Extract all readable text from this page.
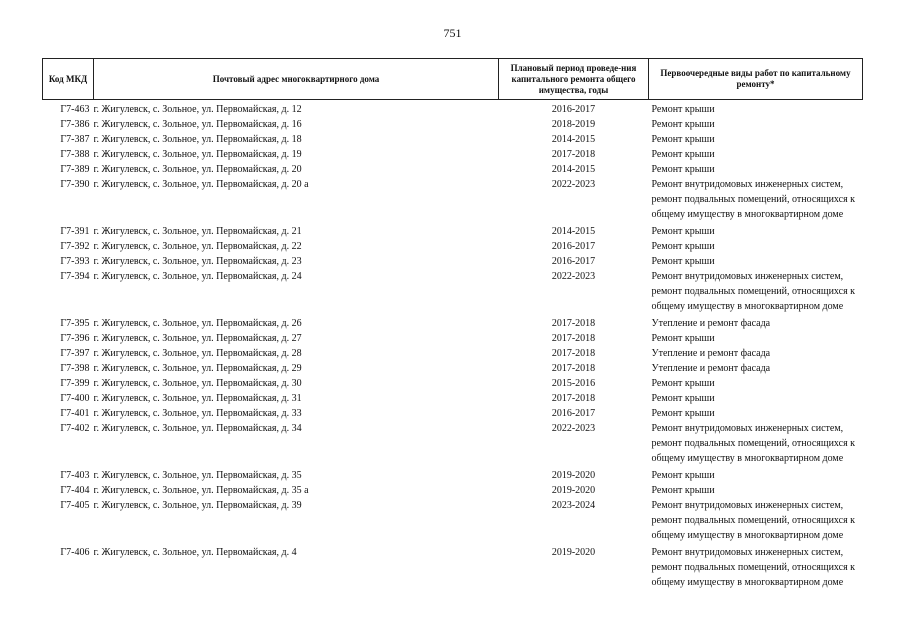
751
Код МКД	Почтовый адрес многоквартирного дома	Плановый период проведе-ния капитального ремонта общего имущества, годы	Первоочередные виды работ по капитальному ремонту*
Г7-463	г. Жигулевск, с. Зольное, ул. Первомайская, д. 12	2016-2017	Ремонт крыши
Г7-386	г. Жигулевск, с. Зольное, ул. Первомайская, д. 16	2018-2019	Ремонт крыши
Г7-387	г. Жигулевск, с. Зольное, ул. Первомайская, д. 18	2014-2015	Ремонт крыши
Г7-388	г. Жигулевск, с. Зольное, ул. Первомайская, д. 19	2017-2018	Ремонт крыши
Г7-389	г. Жигулевск, с. Зольное, ул. Первомайская, д. 20	2014-2015	Ремонт крыши
Г7-390	г. Жигулевск, с. Зольное, ул. Первомайская, д. 20 а	2022-2023	Ремонт внутридомовых инженерных систем, ремонт подвальных помещений, относящихся к общему имуществу в многоквартирном доме
Г7-391	г. Жигулевск, с. Зольное, ул. Первомайская, д. 21	2014-2015	Ремонт крыши
Г7-392	г. Жигулевск, с. Зольное, ул. Первомайская, д. 22	2016-2017	Ремонт крыши
Г7-393	г. Жигулевск, с. Зольное, ул. Первомайская, д. 23	2016-2017	Ремонт крыши
Г7-394	г. Жигулевск, с. Зольное, ул. Первомайская, д. 24	2022-2023	Ремонт внутридомовых инженерных систем, ремонт подвальных помещений, относящихся к общему имуществу в многоквартирном доме
Г7-395	г. Жигулевск, с. Зольное, ул. Первомайская, д. 26	2017-2018	Утепление и ремонт фасада
Г7-396	г. Жигулевск, с. Зольное, ул. Первомайская, д. 27	2017-2018	Ремонт крыши
Г7-397	г. Жигулевск, с. Зольное, ул. Первомайская, д. 28	2017-2018	Утепление и ремонт фасада
Г7-398	г. Жигулевск, с. Зольное, ул. Первомайская, д. 29	2017-2018	Утепление и ремонт фасада
Г7-399	г. Жигулевск, с. Зольное, ул. Первомайская, д. 30	2015-2016	Ремонт крыши
Г7-400	г. Жигулевск, с. Зольное, ул. Первомайская, д. 31	2017-2018	Ремонт крыши
Г7-401	г. Жигулевск, с. Зольное, ул. Первомайская, д. 33	2016-2017	Ремонт крыши
Г7-402	г. Жигулевск, с. Зольное, ул. Первомайская, д. 34	2022-2023	Ремонт внутридомовых инженерных систем, ремонт подвальных помещений, относящихся к общему имуществу в многоквартирном доме
Г7-403	г. Жигулевск, с. Зольное, ул. Первомайская, д. 35	2019-2020	Ремонт крыши
Г7-404	г. Жигулевск, с. Зольное, ул. Первомайская, д. 35 а	2019-2020	Ремонт крыши
Г7-405	г. Жигулевск, с. Зольное, ул. Первомайская, д. 39	2023-2024	Ремонт внутридомовых инженерных систем, ремонт подвальных помещений, относящихся к общему имуществу в многоквартирном доме
Г7-406	г. Жигулевск, с. Зольное, ул. Первомайская, д. 4	2019-2020	Ремонт внутридомовых инженерных систем, ремонт подвальных помещений, относящихся к общему имуществу в многоквартирном доме
